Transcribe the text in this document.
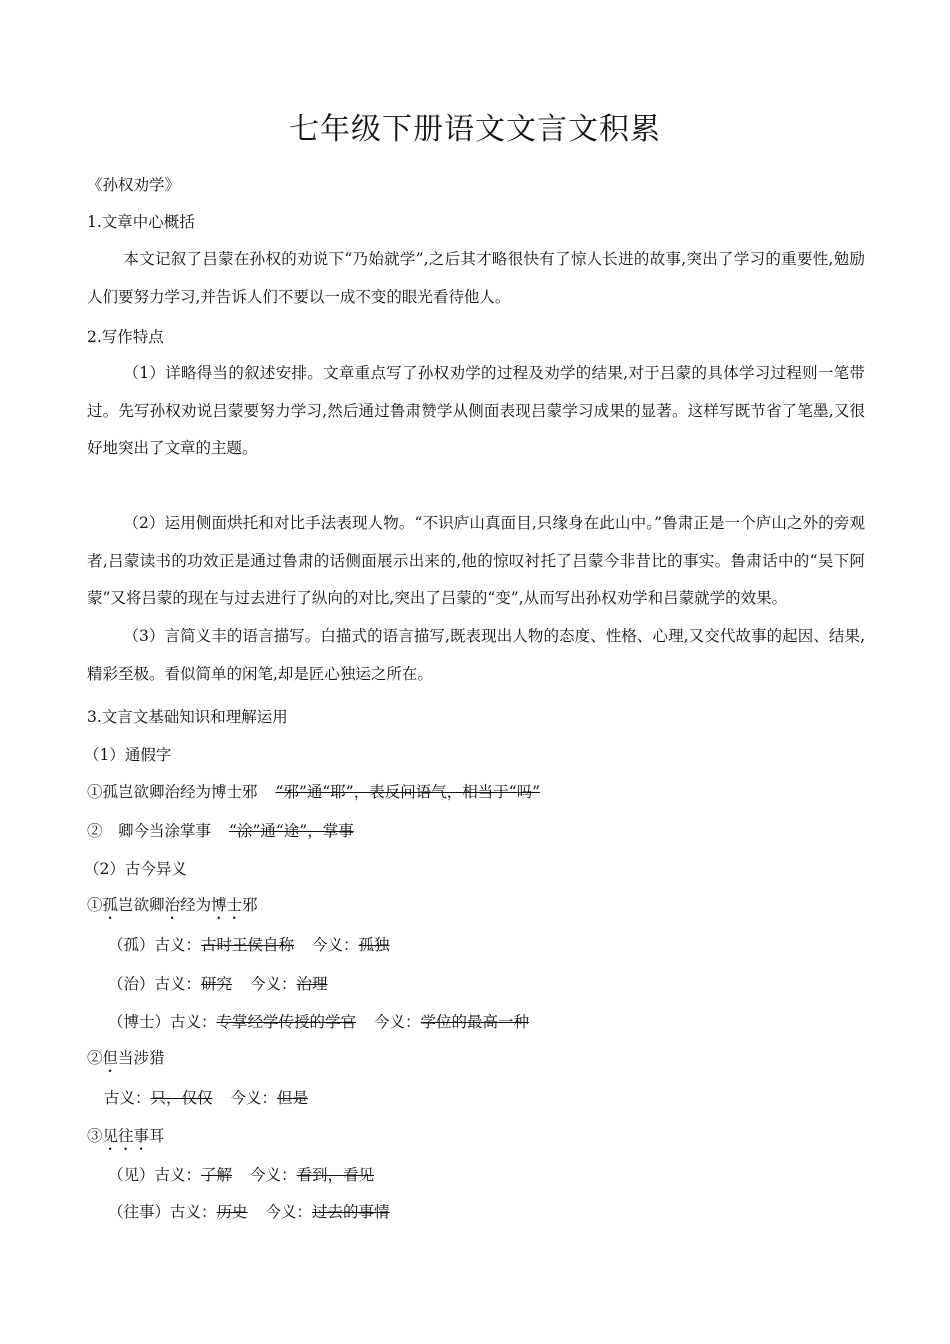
七年级下册语文文言文积累
《孙权劝学》
1.文章中心概括
本文记叙了吕蒙在孙权的劝说下“乃始就学”,之后其才略很快有了惊人长进的故事,突出了学习的重要性,勉励人们要努力学习,并告诉人们不要以一成不变的眼光看待他人。
2.写作特点
（1）详略得当的叙述安排。文章重点写了孙权劝学的过程及劝学的结果,对于吕蒙的具体学习过程则一笔带过。先写孙权劝说吕蒙要努力学习,然后通过鲁肃赞学从侧面表现吕蒙学习成果的显著。这样写既节省了笔墨,又很好地突出了文章的主题。
（2）运用侧面烘托和对比手法表现人物。“不识庐山真面目,只缘身在此山中。”鲁肃正是一个庐山之外的旁观者,吕蒙读书的功效正是通过鲁肃的话侧面展示出来的,他的惊叹衬托了吕蒙今非昔比的事实。鲁肃话中的“吴下阿蒙”又将吕蒙的现在与过去进行了纵向的对比,突出了吕蒙的“变”,从而写出孙权劝学和吕蒙就学的效果。
（3）言简义丰的语言描写。白描式的语言描写,既表现出人物的态度、性格、心理,又交代故事的起因、结果,精彩至极。看似简单的闲笔,却是匠心独运之所在。
3.文言文基础知识和理解运用
（1）通假字
①孤岂欲卿治经为博士邪 “邪”通“耶”，表反问语气，相当于“吗”
②　卿今当涂掌事 “涂”通“途”，掌事
（2）古今异义
①孤岂欲卿治经为博士邪
（孤）古义：古时王侯自称 今义：孤独
（治）古义：研究 今义：治理
（博士）古义：专掌经学传授的学官 今义：学位的最高一种
②但当涉猎
古义：只，仅仅 今义：但是
③见往事耳
（见）古义：了解 今义：看到，看见
（往事）古义：历史 今义：过去的事情
